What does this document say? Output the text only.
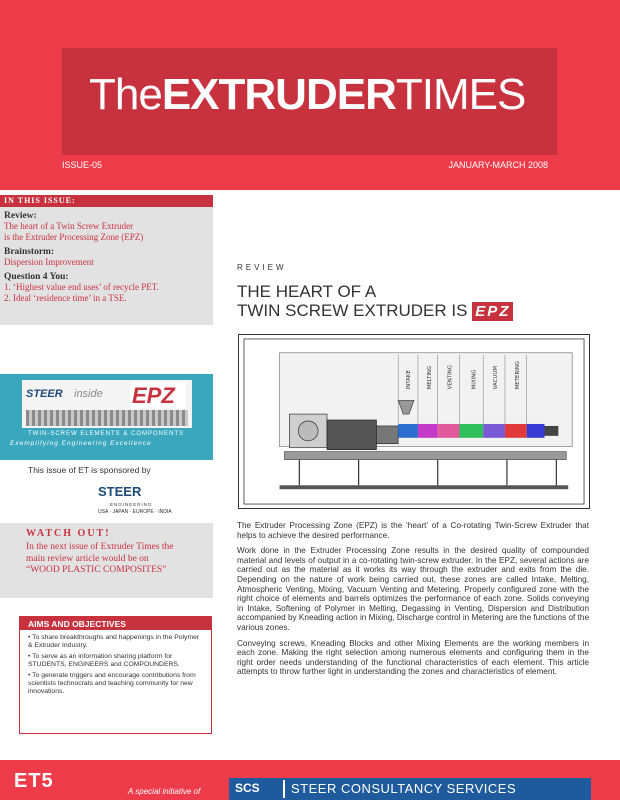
TheEXTRUDERTIMES
ISSUE-05	JANUARY-MARCH 2008
IN THIS ISSUE:
Review:

The heart of a Twin Screw Extruder

is the Extruder Processing Zone (EPZ)

Brainstorm:

Dispersion Improvement

Question 4 You:
1. ‘Highest value end uses’ of recycle PET.
2. Ideal ‘residence time’ in a TSE.
STEER inside EPZ
TWIN-SCREW ELEMENTS & COMPONENTS
Exemplifying Engineering Excellence
This issue of ET is sponsored by
STEER
ENGINEERING
USA · JAPAN · EUROPE · INDIA
WATCH OUT!
In the next issue of Extruder Times the
main review article would be on
“WOOD PLASTIC COMPOSITES”
AIMS AND OBJECTIVES
• To share breakthroughs and happenings in the Polymer & Extruder Industry.
• To serve as an information sharing platform for STUDENTS, ENGINEERS and COMPOUNDERS.
• To generate triggers and encourage contributions from scientists technocrats and teaching community for new innovations.
REVIEW
THE HEART OF A
TWIN SCREW EXTRUDER IS EPZ
INTAKE	MELTING	VENTING	MIXING	VACUUM	METERING

The Extruder Processing Zone (EPZ) is the ‘heart’ of a Co-rotating Twin-Screw Extruder that helps to achieve the desired performance.

Work done in the Extruder Processing Zone results in the desired quality of compounded material and levels of output in a co-rotating twin-screw extruder. In the EPZ, several actions are carried out as the material as it works its way through the extruder and exits from the die. Depending on the nature of work being carried out, these zones are called Intake, Melting, Atmospheric Venting, Mixing, Vacuum Venting and Metering. Properly configured zone with the right choice of elements and barrels optimizes the performance of each zone. Solids conveying in Intake, Softening of Polymer in Melting, Degassing in Venting, Dispersion and Distribution accompanied by Kneading action in Mixing, Discharge control in Metering are the functions of the various zones.

Conveying screws, Kneading Blocks and other Mixing Elements are the working members in each zone. Making the right selection among numerous elements and configuring them in the right order needs understanding of the functional characteristics of each element. This article attempts to throw further light in understanding the zones and characteristics of element.

ET5	A special initiative of	SCS STEER CONSULTANCY SERVICES
